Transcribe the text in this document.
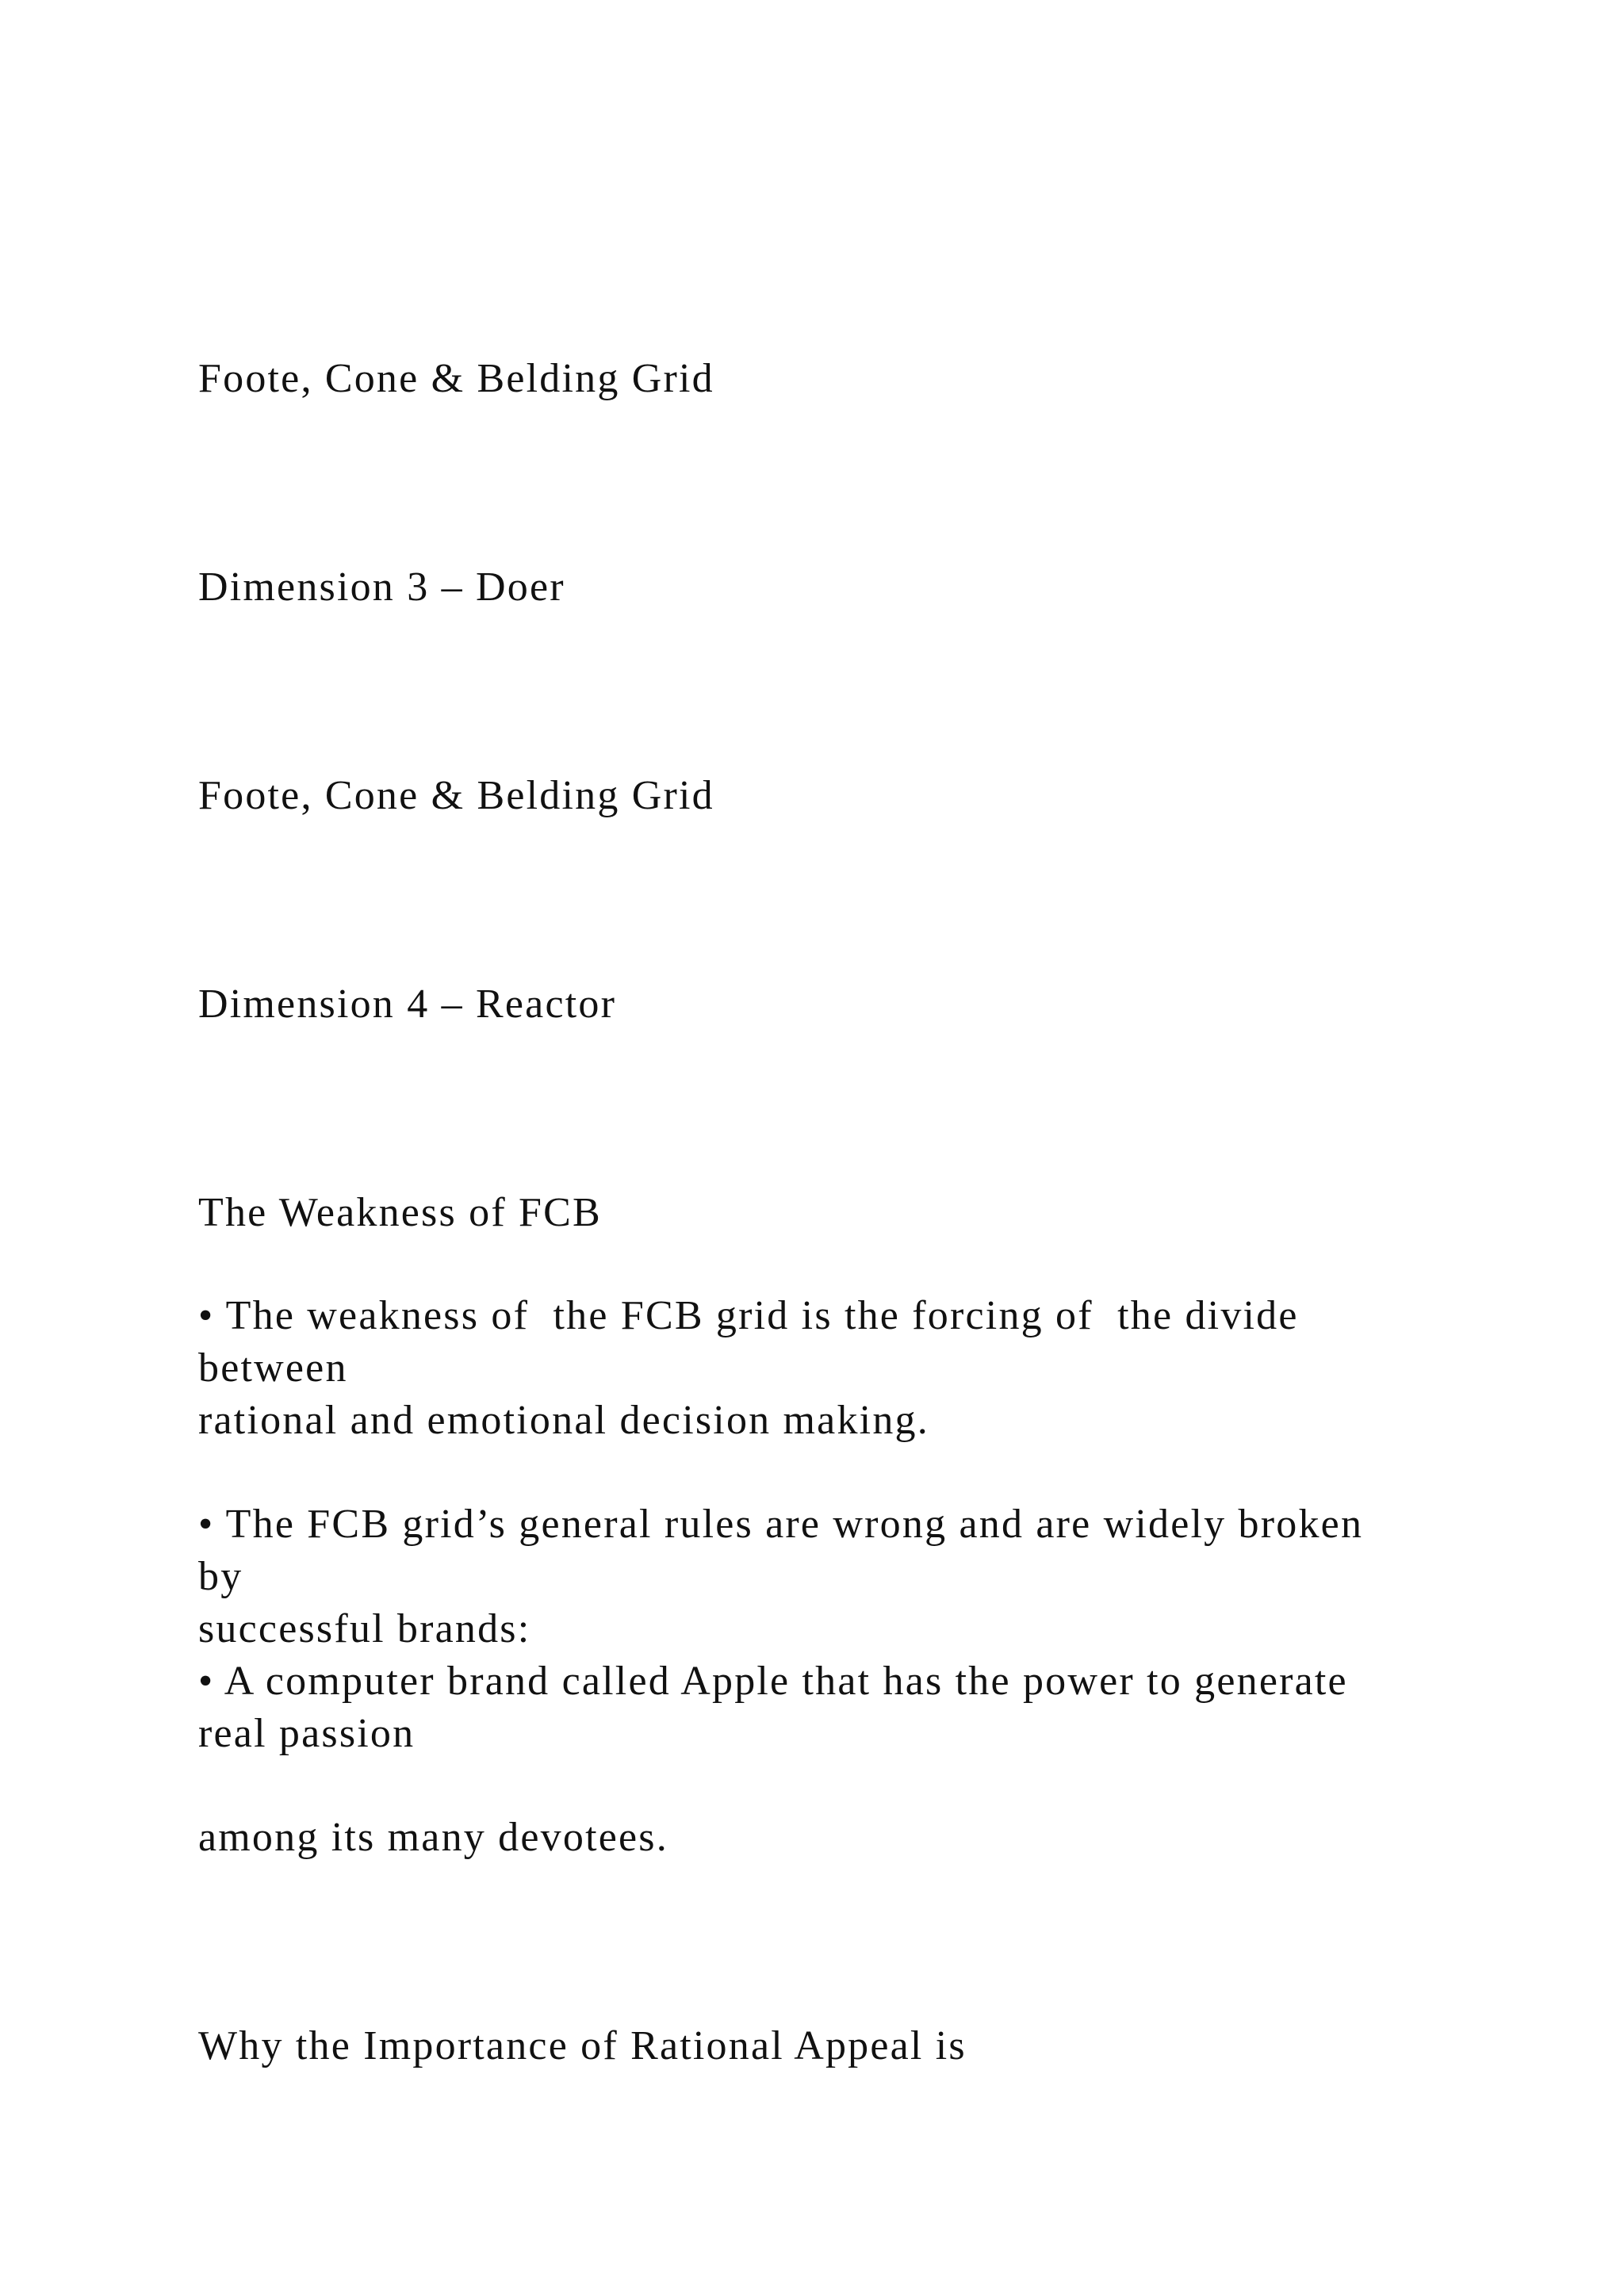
Foote, Cone & Belding Grid

Dimension 3 – Doer

Foote, Cone & Belding Grid

Dimension 4 – Reactor

The Weakness of FCB

• The weakness of  the FCB grid is the forcing of  the divide

between

rational and emotional decision making.

• The FCB grid’s general rules are wrong and are widely broken

by

successful brands:

• A computer brand called Apple that has the power to generate

real passion

among its many devotees.

Why the Importance of Rational Appeal is
